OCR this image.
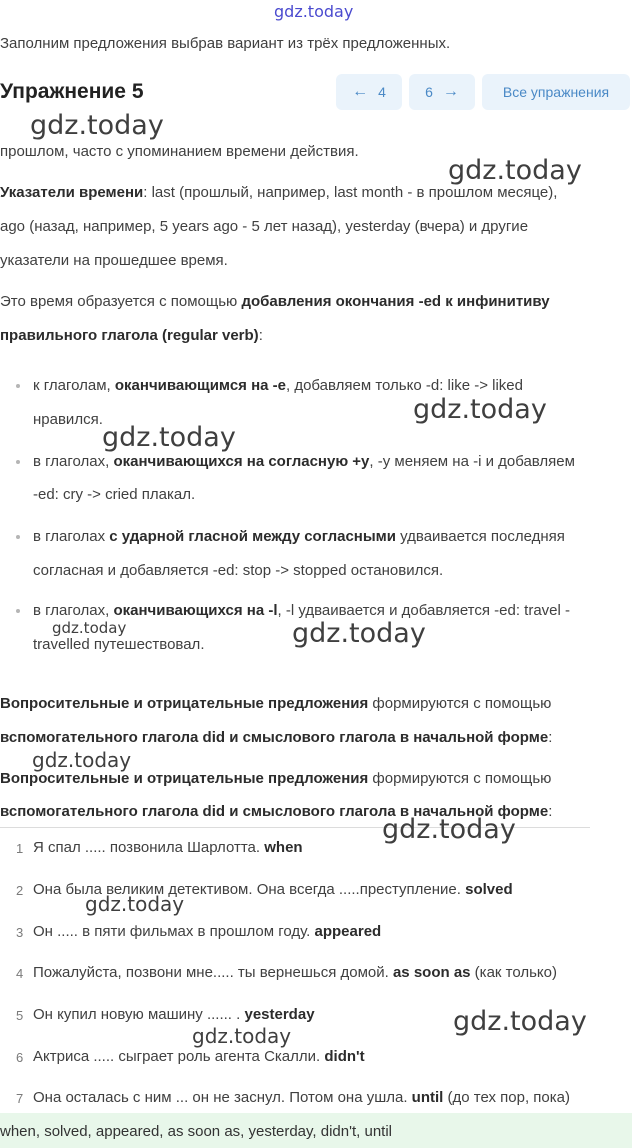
gdz.today
Заполним предложения выбрав вариант из трёх предложенных.
Упражнение 5	← 4	6 →	Все упражнения
прошлом, часто с упоминанием времени действия.
Указатели времени: last (прошлый, например, last month - в прошлом месяце),
ago (назад, например, 5 years ago - 5 лет назад), yesterday (вчера) и другие
указатели на прошедшее время.
Это время образуется с помощью добавления окончания -ed к инфинитиву
правильного глагола (regular verb):
к глаголам, оканчивающимся на -e, добавляем только -d: like -> liked
нравился.
в глаголах, оканчивающихся на согласную +y, -y меняем на -i и добавляем
-ed: cry -> cried плакал.
в глаголах с ударной гласной между согласными удваивается последняя
согласная и добавляется -ed: stop -> stopped остановился.
в глаголах, оканчивающихся на -l, -l удваивается и добавляется -ed: travel -
travelled путешествовал.
Вопросительные и отрицательные предложения формируются с помощью
вспомогательного глагола did и смыслового глагола в начальной форме:
Вопросительные и отрицательные предложения формируются с помощью
вспомогательного глагола did и смыслового глагола в начальной форме:
1 Я спал ..... позвонила Шарлотта. when
2 Она была великим детективом. Она всегда .....преступление. solved
3 Он ..... в пяти фильмах в прошлом году. appeared
4 Пожалуйста, позвони мне..... ты вернешься домой. as soon as (как только)
5 Он купил новую машину ...... . yesterday
6 Актриса ..... сыграет роль агента Скалли. didn't
7 Она осталась с ним ... он не заснул. Потом она ушла. until (до тех пор, пока)
when, solved, appeared, as soon as, yesterday, didn't, until
gdz.today
gdz.today
gdz.today
gdz.today
gdz.today	gdz.today
gdz.today
gdz.today
gdz.today
gdz.today	gdz.today
